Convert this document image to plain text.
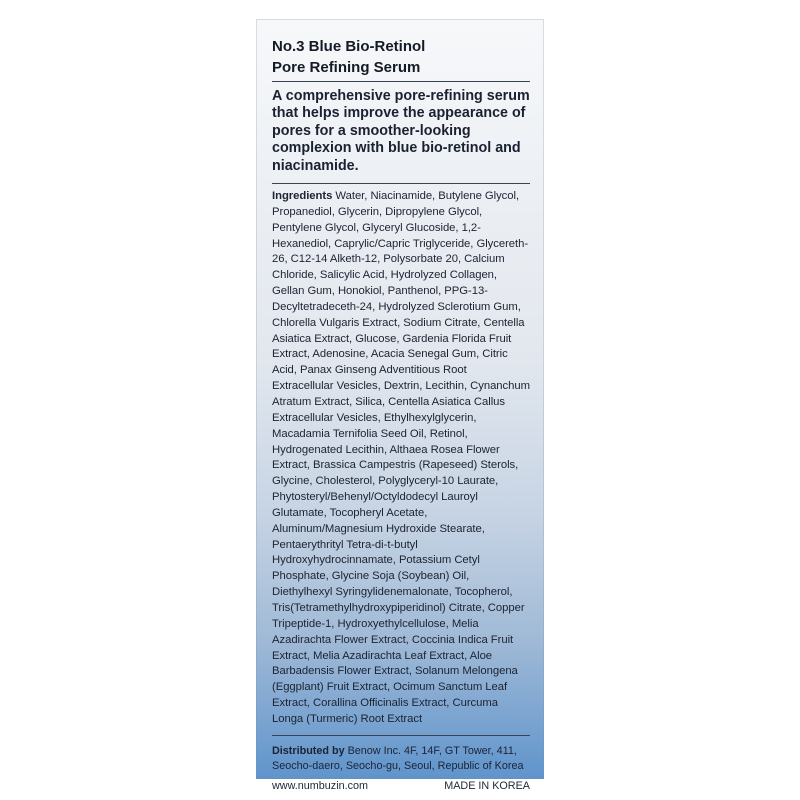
No.3 Blue Bio-Retinol
Pore Refining Serum

A comprehensive pore-refining serum that helps improve the appearance of pores for a smoother-looking complexion with blue bio-retinol and niacinamide.

Ingredients Water, Niacinamide, Butylene Glycol, Propanediol, Glycerin, Dipropylene Glycol, Pentylene Glycol, Glyceryl Glucoside, 1,2-Hexanediol, Caprylic/Capric Triglyceride, Glycereth-26, C12-14 Alketh-12, Polysorbate 20, Calcium Chloride, Salicylic Acid, Hydrolyzed Collagen, Gellan Gum, Honokiol, Panthenol, PPG-13-Decyltetradeceth-24, Hydrolyzed Sclerotium Gum, Chlorella Vulgaris Extract, Sodium Citrate, Centella Asiatica Extract, Glucose, Gardenia Florida Fruit Extract, Adenosine, Acacia Senegal Gum, Citric Acid, Panax Ginseng Adventitious Root Extracellular Vesicles, Dextrin, Lecithin, Cynanchum Atratum Extract, Silica, Centella Asiatica Callus Extracellular Vesicles, Ethylhexylglycerin, Macadamia Ternifolia Seed Oil, Retinol, Hydrogenated Lecithin, Althaea Rosea Flower Extract, Brassica Campestris (Rapeseed) Sterols, Glycine, Cholesterol, Polyglyceryl-10 Laurate, Phytosteryl/Behenyl/Octyldodecyl Lauroyl Glutamate, Tocopheryl Acetate, Aluminum/Magnesium Hydroxide Stearate, Pentaerythrityl Tetra-di-t-butyl Hydroxyhydrocinnamate, Potassium Cetyl Phosphate, Glycine Soja (Soybean) Oil, Diethylhexyl Syringylidenemalonate, Tocopherol, Tris(Tetramethylhydroxypiperidinol) Citrate, Copper Tripeptide-1, Hydroxyethylcellulose, Melia Azadirachta Flower Extract, Coccinia Indica Fruit Extract, Melia Azadirachta Leaf Extract, Aloe Barbadensis Flower Extract, Solanum Melongena (Eggplant) Fruit Extract, Ocimum Sanctum Leaf Extract, Corallina Officinalis Extract, Curcuma Longa (Turmeric) Root Extract

Distributed by Benow Inc. 4F, 14F, GT Tower, 411, Seocho-daero, Seocho-gu, Seoul, Republic of Korea

www.numbuzin.com	MADE IN KOREA
